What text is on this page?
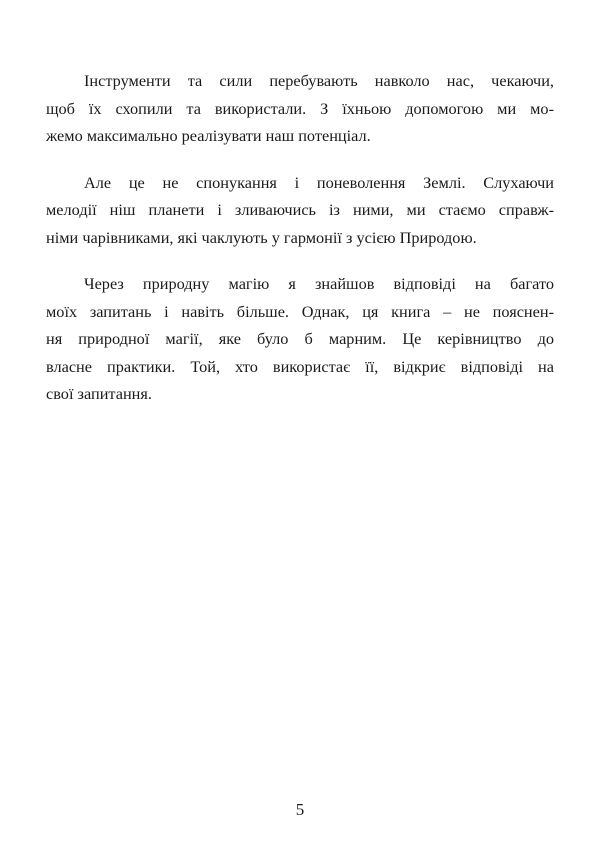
Інструменти та сили перебувають навколо нас, чекаючи,
щоб їх схопили та використали. З їхньою допомогою ми мо-
жемо максимально реалізувати наш потенціал.

Але це не спонукання і поневолення Землі. Слухаючи
мелодії ніш планети і зливаючись із ними, ми стаємо справж-
німи чарівниками, які чаклують у гармонії з усією Природою.

Через природну магію я знайшов відповіді на багато
моїх запитань і навіть більше. Однак, ця книга – не пояснен-
ня природної магії, яке було б марним. Це керівництво до
власне практики. Той, хто використає її, відкриє відповіді на
свої запитання.

5
